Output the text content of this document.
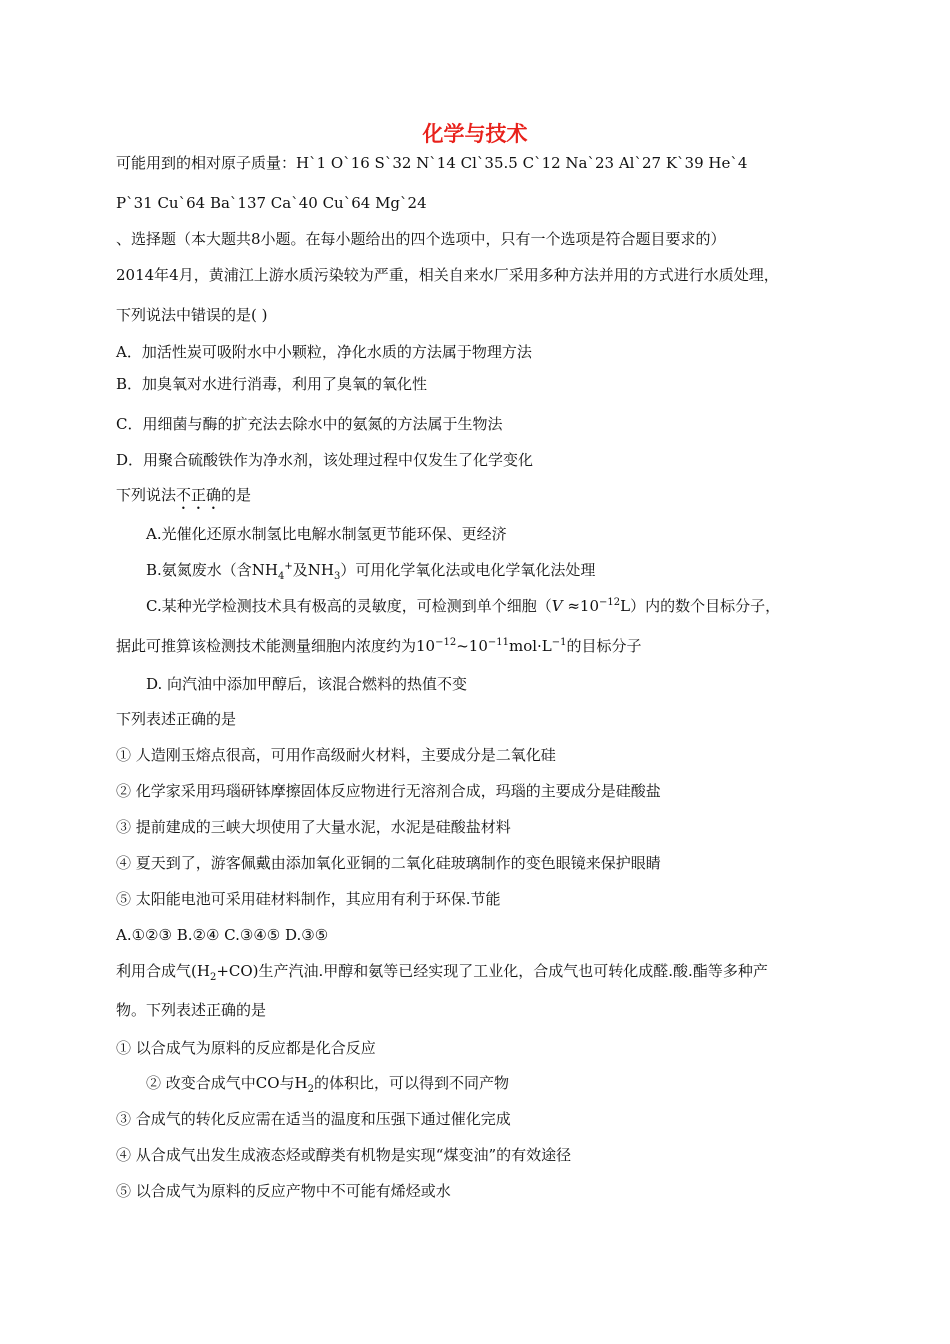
化学与技术
可能用到的相对原子质量：H`1 O`16 S`32 N`14 Cl`35.5 C`12 Na`23 Al`27 K`39 He`4
P`31 Cu`64 Ba`137 Ca`40 Cu`64 Mg`24
、选择题（本大题共8小题。在每小题给出的四个选项中，只有一个选项是符合题目要求的）
2014年4月，黄浦江上游水质污染较为严重，相关自来水厂采用多种方法并用的方式进行水质处理，
下列说法中错误的是( )
A．加活性炭可吸附水中小颗粒，净化水质的方法属于物理方法
B．加臭氧对水进行消毒，利用了臭氧的氧化性
C．用细菌与酶的扩充法去除水中的氨氮的方法属于生物法
D．用聚合硫酸铁作为净水剂，该处理过程中仅发生了化学变化
下列说法不正确的是
A.光催化还原水制氢比电解水制氢更节能环保、更经济
B.氨氮废水（含$NH_4^+$及$NH_3$）可用化学氧化法或电化学氧化法处理
C.某种光学检测技术具有极高的灵敏度，可检测到单个细胞$(V \approx 10^{-12}L)$内的数个目标分子，
据此可推算该检测技术能测量细胞内浓度约为$10^{-12}\sim 10^{-11}mol\cdot L^{-1}$的目标分子
D. 向汽油中添加甲醇后，该混合燃料的热值不变
下列表述正确的是
① 人造刚玉熔点很高，可用作高级耐火材料，主要成分是二氧化硅
② 化学家采用玛瑙研钵摩擦固体反应物进行无溶剂合成，玛瑙的主要成分是硅酸盐
③ 提前建成的三峡大坝使用了大量水泥，水泥是硅酸盐材料
④ 夏天到了，游客佩戴由添加氧化亚铜的二氧化硅玻璃制作的变色眼镜来保护眼睛
⑤ 太阳能电池可采用硅材料制作，其应用有利于环保.节能
A.①②③ B.②④ C.③④⑤ D.③⑤
利用合成气$(H_2+CO)$生产汽油.甲醇和氨等已经实现了工业化，合成气也可转化成醛.酸.酯等多种产
物。下列表述正确的是
① 以合成气为原料的反应都是化合反应
② 改变合成气中CO与$H_2$的体积比，可以得到不同产物
③ 合成气的转化反应需在适当的温度和压强下通过催化完成
④ 从合成气出发生成液态烃或醇类有机物是实现“煤变油”的有效途径
⑤ 以合成气为原料的反应产物中不可能有烯烃或水
